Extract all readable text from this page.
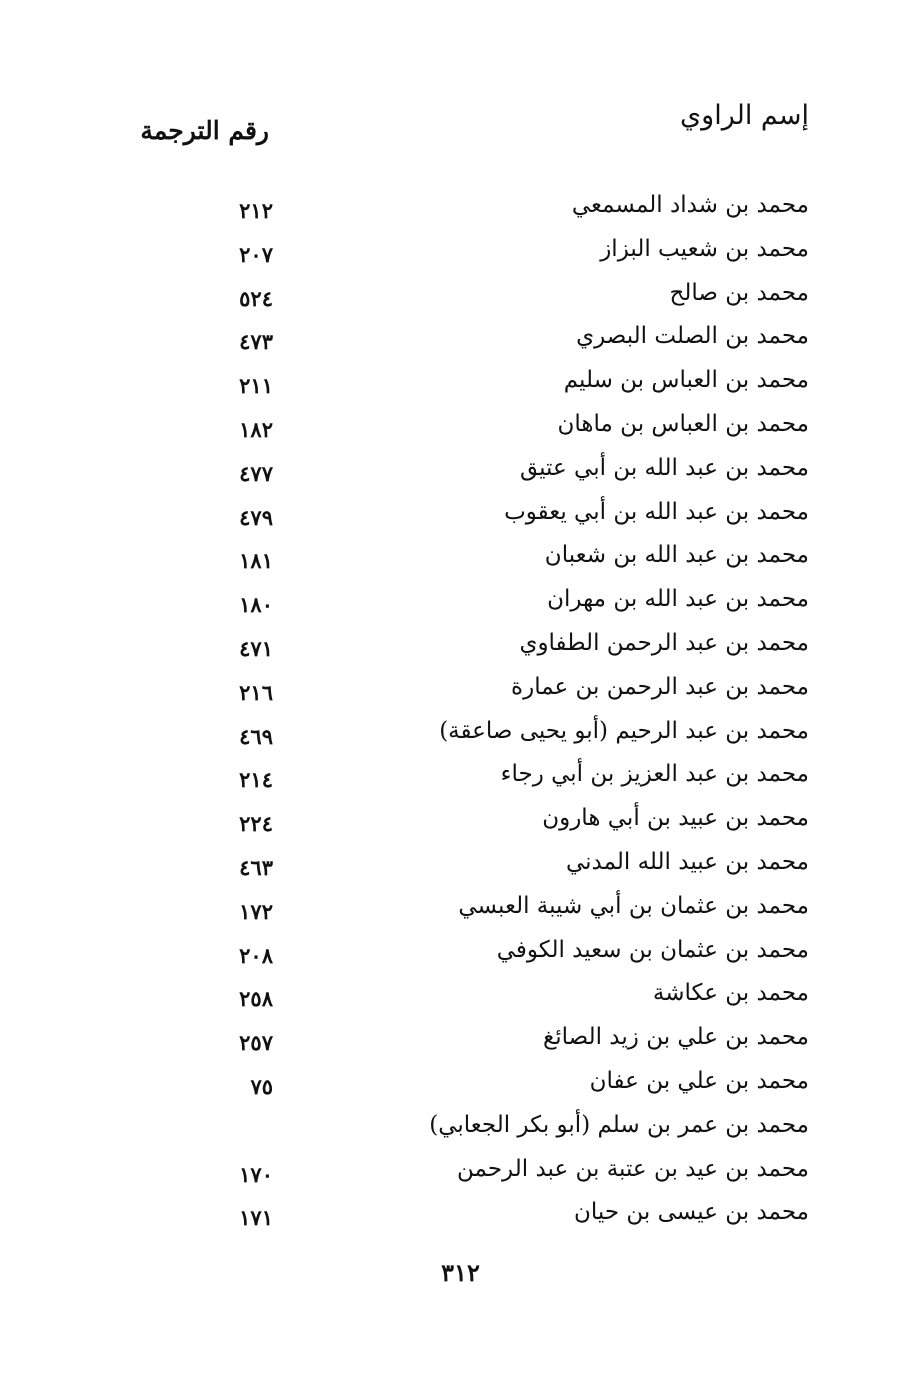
إسم الراوي
رقم الترجمة
محمد بن شداد المسمعي
٢١٢
محمد بن شعيب البزاز
٢٠٧
محمد بن صالح
٥٢٤
محمد بن الصلت البصري
٤٧٣
محمد بن العباس بن سليم
٢١١
محمد بن العباس بن ماهان
١٨٢
محمد بن عبد الله بن أبي عتيق
٤٧٧
محمد بن عبد الله بن أبي يعقوب
٤٧٩
محمد بن عبد الله بن شعبان
١٨١
محمد بن عبد الله بن مهران
١٨٠
محمد بن عبد الرحمن الطفاوي
٤٧١
محمد بن عبد الرحمن بن عمارة
٢١٦
محمد بن عبد الرحيم (أبو يحيى صاعقة)
٤٦٩
محمد بن عبد العزيز بن أبي رجاء
٢١٤
محمد بن عبيد بن أبي هارون
٢٢٤
محمد بن عبيد الله المدني
٤٦٣
محمد بن عثمان بن أبي شيبة العبسي
١٧٢
محمد بن عثمان بن سعيد الكوفي
٢٠٨
محمد بن عكاشة
٢٥٨
محمد بن علي بن زيد الصائغ
٢٥٧
محمد بن علي بن عفان
٧٥
محمد بن عمر بن سلم (أبو بكر الجعابي)
محمد بن عيد بن عتبة بن عبد الرحمن
١٧٠
محمد بن عيسى بن حيان
١٧١
٣١٢
